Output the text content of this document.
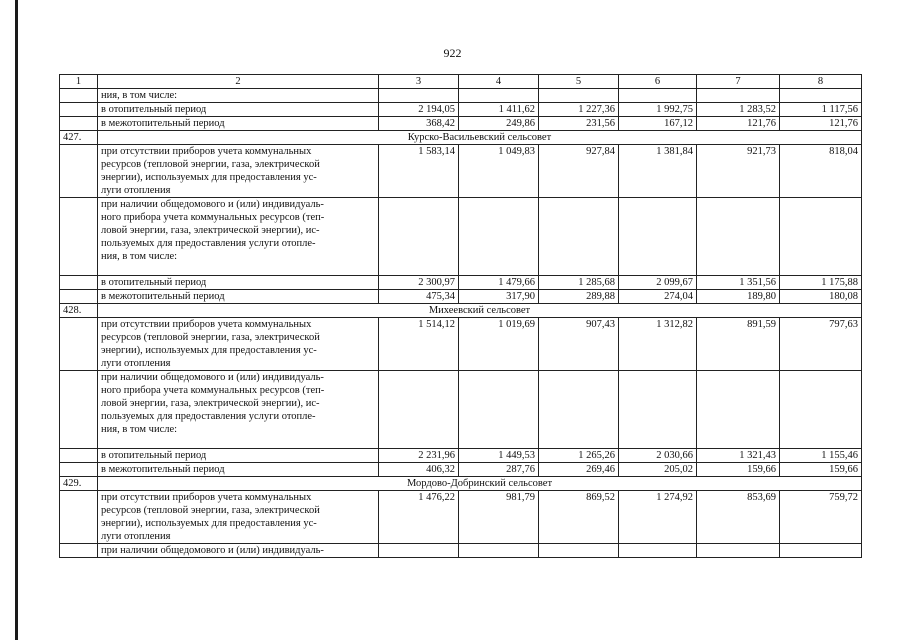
922
1	2	3	4	5	6	7	8
	ния, в том числе:						
	в отопительный период	2 194,05	1 411,62	1 227,36	1 992,75	1 283,52	1 117,56
	в межотопительный период	368,42	249,86	231,56	167,12	121,76	121,76
427.	Курско-Васильевский сельсовет						

	при отсутствии приборов учета коммунальных
ресурсов (тепловой энергии, газа, электрической
энергии), используемых для предоставления ус-
луги отопления	1 583,14	1 049,83	927,84	1 381,84	921,73	818,04

	при наличии общедомового и (или) индивидуаль-
ного прибора учета коммунальных ресурсов (теп-
ловой энергии, газа, электрической энергии), ис-
пользуемых для предоставления услуги отопле-
ния, в том числе:						

	в отопительный период	2 300,97	1 479,66	1 285,68	2 099,67	1 351,56	1 175,88
	в межотопительный период	475,34	317,90	289,88	274,04	189,80	180,08
428.	Михеевский сельсовет						

	при отсутствии приборов учета коммунальных
ресурсов (тепловой энергии, газа, электрической
энергии), используемых для предоставления ус-
луги отопления	1 514,12	1 019,69	907,43	1 312,82	891,59	797,63

	при наличии общедомового и (или) индивидуаль-
ного прибора учета коммунальных ресурсов (теп-
ловой энергии, газа, электрической энергии), ис-
пользуемых для предоставления услуги отопле-
ния, в том числе:						

	в отопительный период	2 231,96	1 449,53	1 265,26	2 030,66	1 321,43	1 155,46
	в межотопительный период	406,32	287,76	269,46	205,02	159,66	159,66
429.	Мордово-Добринский сельсовет						

	при отсутствии приборов учета коммунальных
ресурсов (тепловой энергии, газа, электрической
энергии), используемых для предоставления ус-
луги отопления	1 476,22	981,79	869,52	1 274,92	853,69	759,72

	при наличии общедомового и (или) индивидуаль-						
